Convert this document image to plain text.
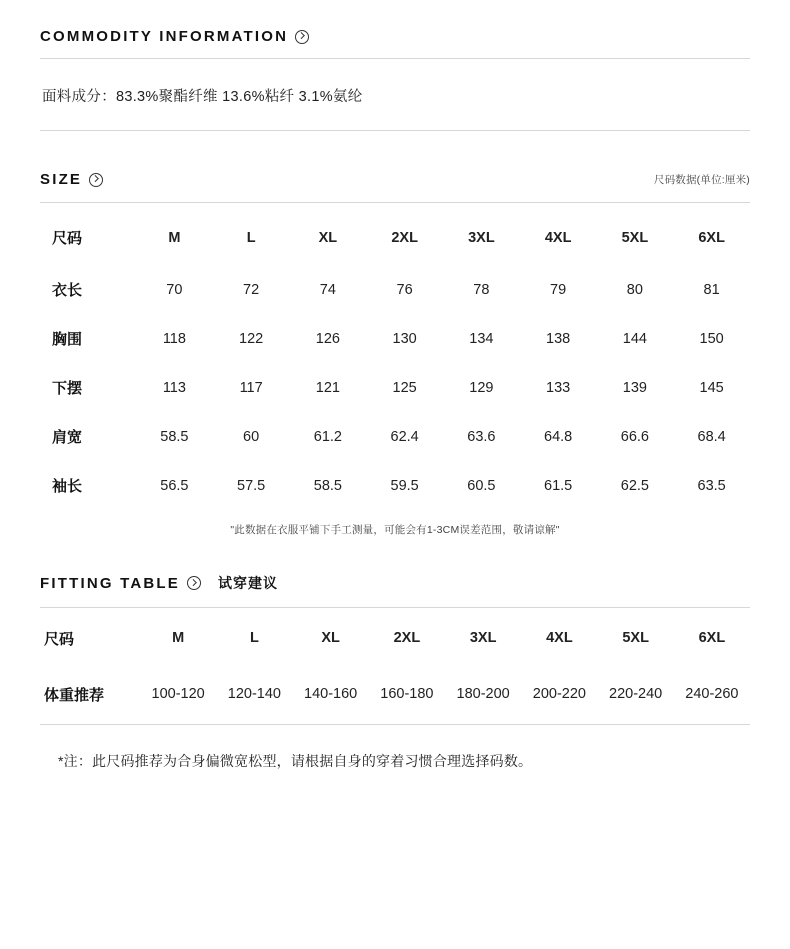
COMMODITY INFORMATION
面料成分：83.3%聚酯纤维 13.6%粘纤 3.1%氨纶
SIZE	尺码数据(单位:厘米)
尺码	M	L	XL	2XL	3XL	4XL	5XL	6XL
衣长	70	72	74	76	78	79	80	81
胸围	118	122	126	130	134	138	144	150
下摆	113	117	121	125	129	133	139	145
肩宽	58.5	60	61.2	62.4	63.6	64.8	66.6	68.4
袖长	56.5	57.5	58.5	59.5	60.5	61.5	62.5	63.5
"此数据在衣服平铺下手工测量，可能会有1-3CM误差范围，敬请谅解"
FITTING TABLE	试穿建议
尺码	M	L	XL	2XL	3XL	4XL	5XL	6XL
体重推荐	100-120	120-140	140-160	160-180	180-200	200-220	220-240	240-260
*注：此尺码推荐为合身偏微宽松型，请根据自身的穿着习惯合理选择码数。
